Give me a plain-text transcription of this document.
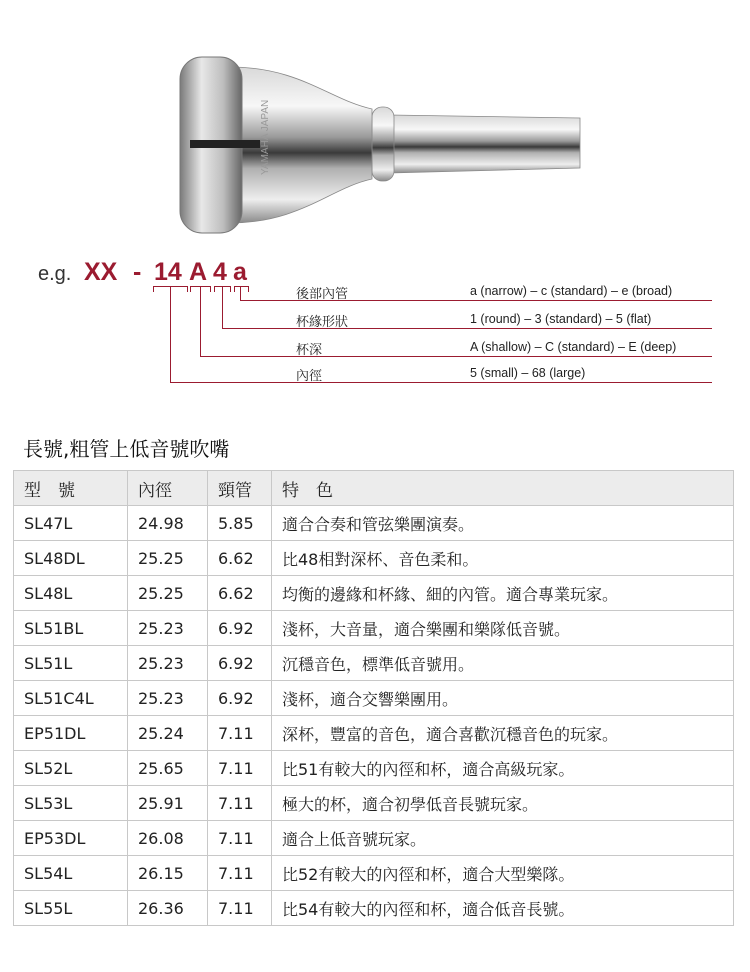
YAMAHA JAPAN
e.g. XX - 14 A 4 a
後部內管	a (narrow) – c (standard) – e (broad)
杯緣形狀	1 (round) – 3 (standard) – 5 (flat)
杯深	A (shallow) – C (standard) – E (deep)
內徑	5 (small) – 68 (large)
長號,粗管上低音號吹嘴
型　號	內徑	頸管	特　色
SL47L	24.98	5.85	適合合奏和管弦樂團演奏。
SL48DL	25.25	6.62	比48相對深杯、音色柔和。
SL48L	25.25	6.62	均衡的邊緣和杯緣、細的內管。適合專業玩家。
SL51BL	25.23	6.92	淺杯，大音量，適合樂團和樂隊低音號。
SL51L	25.23	6.92	沉穩音色，標準低音號用。
SL51C4L	25.23	6.92	淺杯，適合交響樂團用。
EP51DL	25.24	7.11	深杯，豐富的音色，適合喜歡沉穩音色的玩家。
SL52L	25.65	7.11	比51有較大的內徑和杯，適合高級玩家。
SL53L	25.91	7.11	極大的杯，適合初學低音長號玩家。
EP53DL	26.08	7.11	適合上低音號玩家。
SL54L	26.15	7.11	比52有較大的內徑和杯，適合大型樂隊。
SL55L	26.36	7.11	比54有較大的內徑和杯，適合低音長號。
